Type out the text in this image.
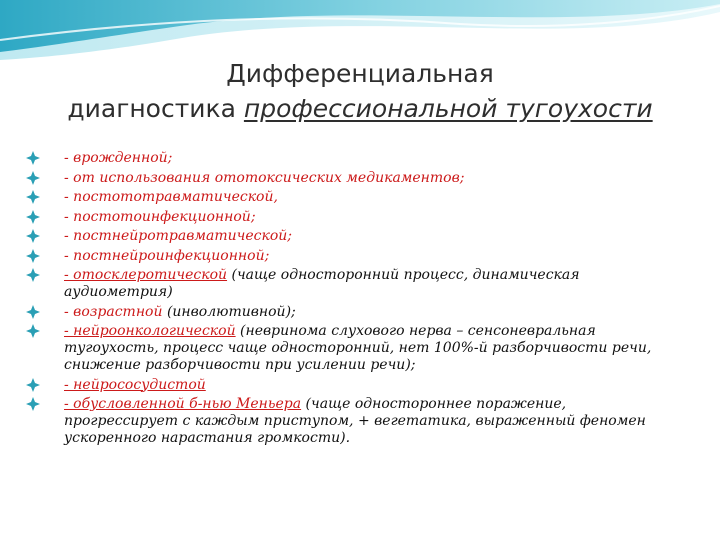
Дифференциальная
диагностика профессиональной тугоухости
- врожденной;
- от использования ототоксических медикаментов;
- постототравматической,
- постотоинфекционной;
- постнейротравматической;
- постнейроинфекционной;
- отосклеротической (чаще односторонний процесс, динамическая аудиометрия)
- возрастной (инволютивной);
- нейроонкологической (невринома слухового нерва – сенсоневральная тугоухость, процесс чаще односторонний, нет 100%-й разборчивости речи, снижение разборчивости при усилении речи);
- нейрососудистой
- обусловленной б-нью Меньера (чаще одностороннее поражение, прогрессирует с каждым приступом, + вегетатика, выраженный феномен ускоренного нарастания громкости).
